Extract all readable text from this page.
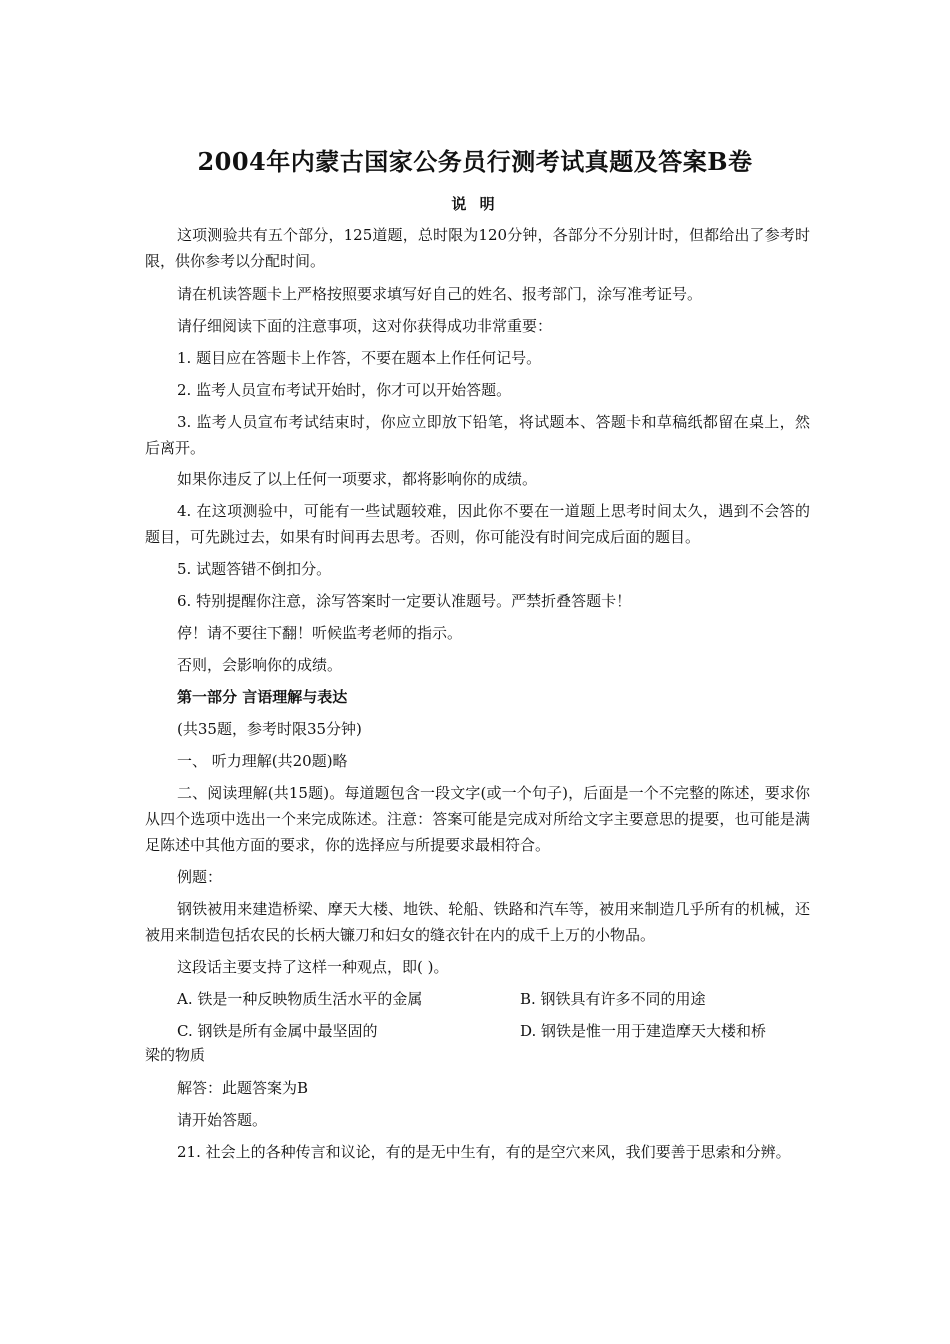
2004年内蒙古国家公务员行测考试真题及答案B卷
说 明

这项测验共有五个部分，125道题，总时限为120分钟，各部分不分别计时，但都给出了参考时限，供你参考以分配时间。

请在机读答题卡上严格按照要求填写好自己的姓名、报考部门，涂写准考证号。

请仔细阅读下面的注意事项，这对你获得成功非常重要：

1. 题目应在答题卡上作答，不要在题本上作任何记号。

2. 监考人员宣布考试开始时，你才可以开始答题。

3. 监考人员宣布考试结束时，你应立即放下铅笔，将试题本、答题卡和草稿纸都留在桌上，然后离开。

如果你违反了以上任何一项要求，都将影响你的成绩。

4. 在这项测验中，可能有一些试题较难，因此你不要在一道题上思考时间太久，遇到不会答的题目，可先跳过去，如果有时间再去思考。否则，你可能没有时间完成后面的题目。

5. 试题答错不倒扣分。

6. 特别提醒你注意，涂写答案时一定要认准题号。严禁折叠答题卡！

停！请不要往下翻！听候监考老师的指示。

否则，会影响你的成绩。

第一部分 言语理解与表达

(共35题，参考时限35分钟)

一、 听力理解(共20题)略

二、阅读理解(共15题)。每道题包含一段文字(或一个句子)，后面是一个不完整的陈述，要求你从四个选项中选出一个来完成陈述。注意：答案可能是完成对所给文字主要意思的提要，也可能是满足陈述中其他方面的要求，你的选择应与所提要求最相符合。

例题：

钢铁被用来建造桥梁、摩天大楼、地铁、轮船、铁路和汽车等，被用来制造几乎所有的机械，还被用来制造包括农民的长柄大镰刀和妇女的缝衣针在内的成千上万的小物品。

这段话主要支持了这样一种观点，即( )。

A. 铁是一种反映物质生活水平的金属	B. 钢铁具有许多不同的用途
C. 钢铁是所有金属中最坚固的	D. 钢铁是惟一用于建造摩天大楼和桥
梁的物质

解答：此题答案为B

请开始答题。

21. 社会上的各种传言和议论，有的是无中生有，有的是空穴来风，我们要善于思索和分辨。
